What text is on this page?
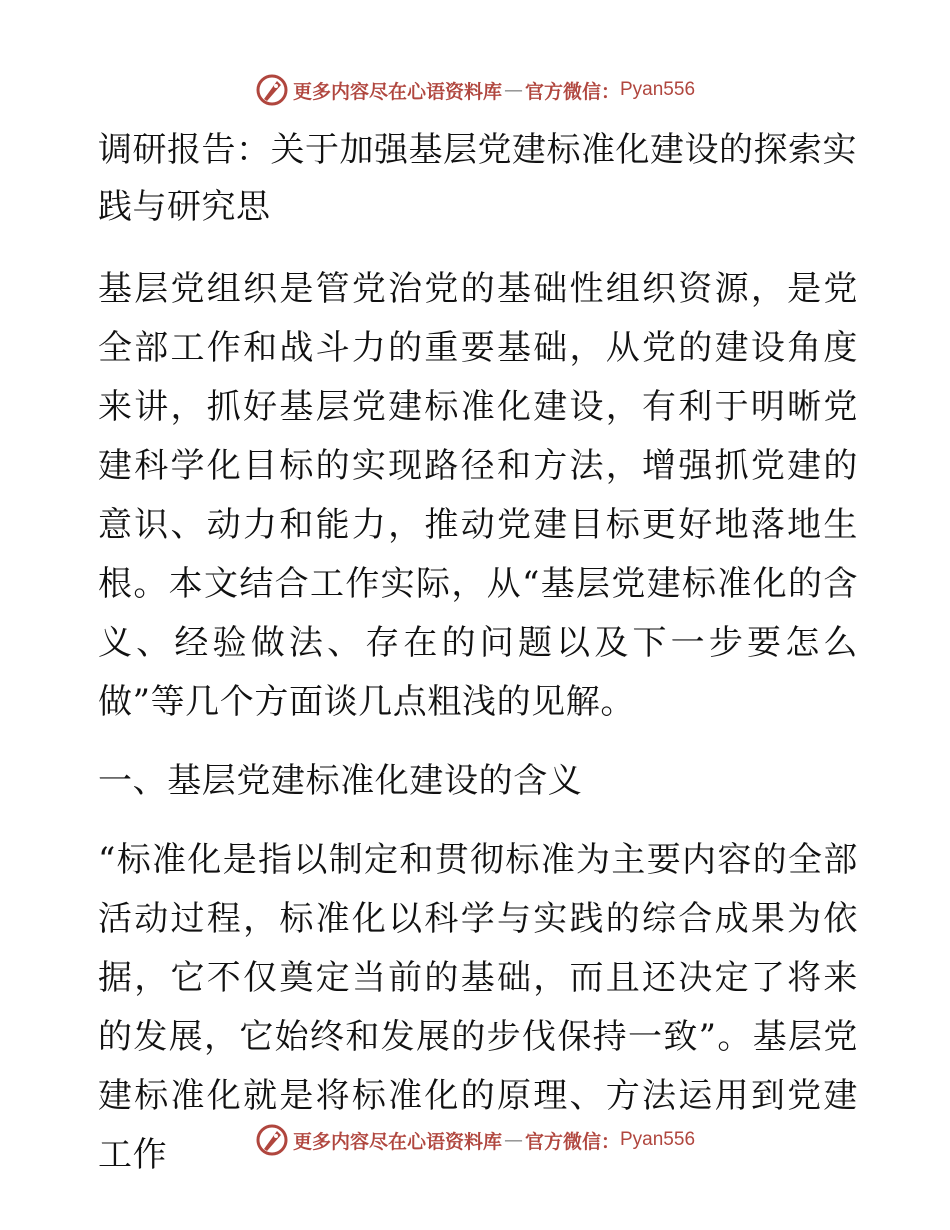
更多内容尽在心语资料库 — 官方微信： Pyan556
调研报告：关于加强基层党建标准化建设的探索实践与研究思

基层党组织是管党治党的基础性组织资源，是党全部工作和战斗力的重要基础，从党的建设角度来讲，抓好基层党建标准化建设，有利于明晰党建科学化目标的实现路径和方法，增强抓党建的意识、动力和能力，推动党建目标更好地落地生根。本文结合工作实际，从“基层党建标准化的含义、经验做法、存在的问题以及下一步要怎么做”等几个方面谈几点粗浅的见解。

一、基层党建标准化建设的含义

“标准化是指以制定和贯彻标准为主要内容的全部活动过程，标准化以科学与实践的综合成果为依据，它不仅奠定当前的基础，而且还决定了将来的发展，它始终和发展的步伐保持一致”。基层党建标准化就是将标准化的原理、方法运用到党建工作	更多内容尽在心语资料库 — 官方微信： Pyan556
